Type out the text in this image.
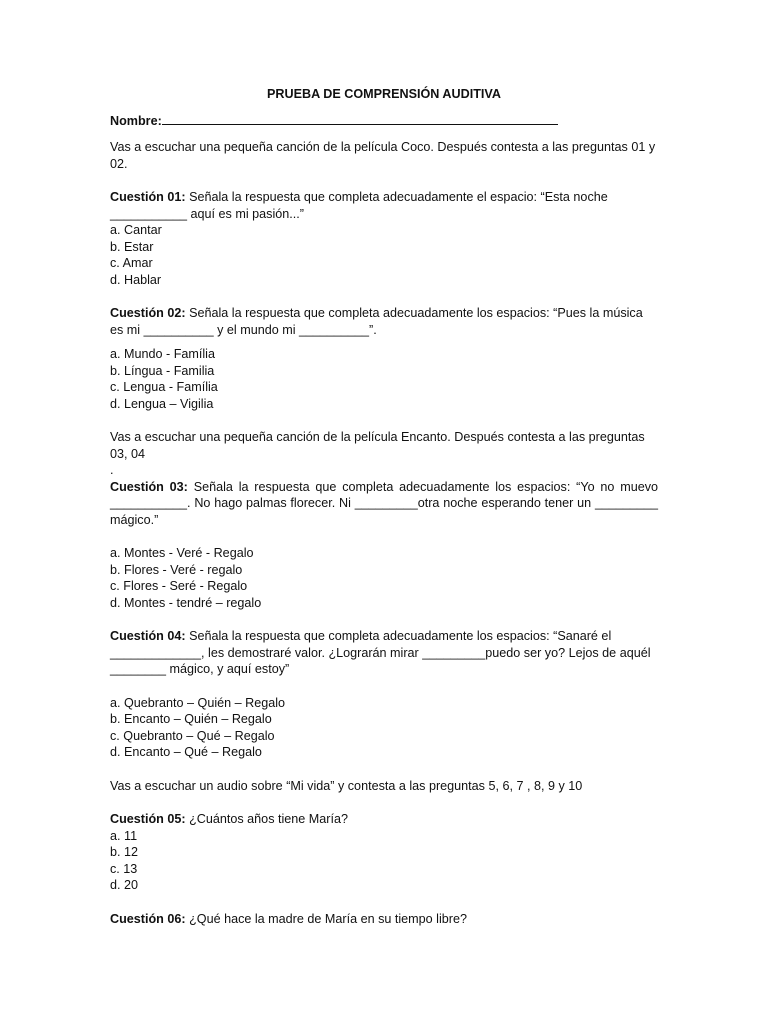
PRUEBA DE COMPRENSIÓN AUDITIVA

Nombre:

Vas a escuchar una pequeña canción de la película Coco. Después contesta a las preguntas 01 y 02.

Cuestión 01: Señala la respuesta que completa adecuadamente el espacio: “Esta noche ___________ aquí es mi pasión...”

a. Cantar
b. Estar
c. Amar
d. Hablar

Cuestión 02: Señala la respuesta que completa adecuadamente los espacios: “Pues la música es mi __________ y el mundo mi __________”.

a. Mundo - Família
b. Língua - Familia
c. Lengua - Família
d. Lengua – Vigilia

Vas a escuchar una pequeña canción de la película Encanto. Después contesta a las preguntas 03, 04

.

Cuestión 03: Señala la respuesta que completa adecuadamente los espacios: “Yo no muevo ___________. No hago palmas florecer. Ni _________otra noche esperando tener un _________ mágico.”

a. Montes - Veré - Regalo
b. Flores - Veré - regalo
c. Flores - Seré - Regalo
d. Montes - tendré – regalo

Cuestión 04: Señala la respuesta que completa adecuadamente los espacios: “Sanaré el _____________, les demostraré valor. ¿Lograrán mirar _________puedo ser yo? Lejos de aquél ________ mágico, y aquí estoy”

a. Quebranto – Quién – Regalo
b. Encanto – Quién – Regalo
c. Quebranto – Qué – Regalo
d. Encanto – Qué – Regalo

Vas a escuchar un audio sobre “Mi vida” y contesta a las preguntas 5, 6, 7 , 8, 9 y 10

Cuestión 05: ¿Cuántos años tiene María?

a. 11
b. 12
c. 13
d. 20

Cuestión 06: ¿Qué hace la madre de María en su tiempo libre?
